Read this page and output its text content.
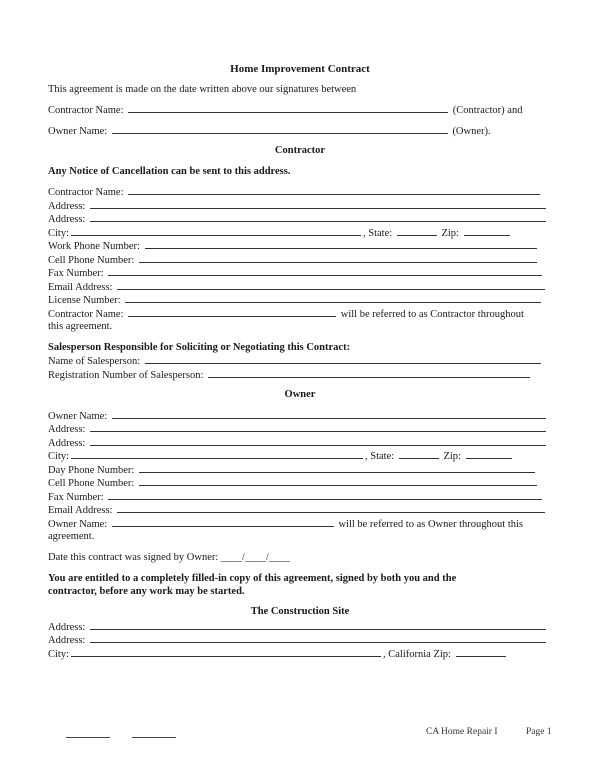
Home Improvement Contract
This agreement is made on the date written above our signatures between
Contractor Name:	(Contractor) and
Owner Name:	(Owner).
Contractor
Any Notice of Cancellation can be sent to this address.
Contractor Name:
Address:
Address:
City:	, State:	Zip:
Work Phone Number:
Cell Phone Number:
Fax Number:
Email Address:
License Number:
Contractor Name:	will be referred to as Contractor throughout
this agreement.
Salesperson Responsible for Soliciting or Negotiating this Contract:
Name of Salesperson:
Registration Number of Salesperson:
Owner
Owner Name:
Address:
Address:
City:	, State:	Zip:
Day Phone Number:
Cell Phone Number:
Fax Number:
Email Address:
Owner Name:	will be referred to as Owner throughout this
agreement.
Date this contract was signed by Owner: ____/____/____
You are entitled to a completely filled-in copy of this agreement, signed by both you and the
contractor, before any work may be started.
The Construction Site
Address:
Address:
City:	, California Zip:
CA Home Repair I	Page 1
